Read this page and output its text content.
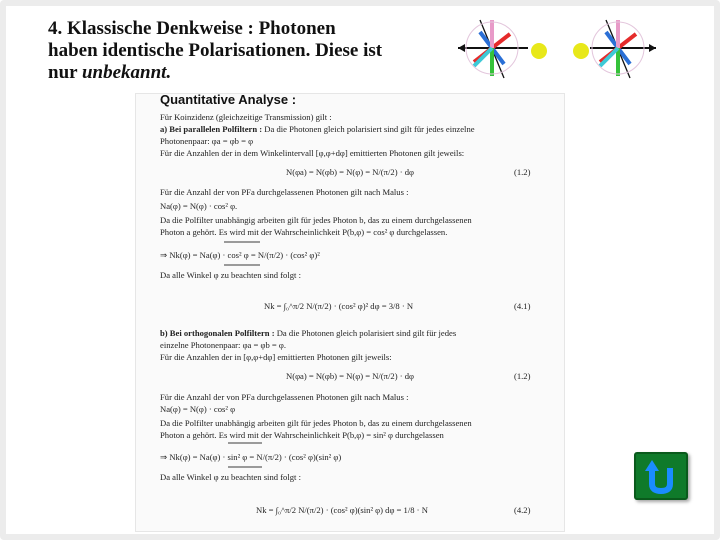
4. Klassische Denkweise : Photonen
haben identische Polarisationen. Diese ist
nur unbekannt.
Quantitative Analyse :
Für Koinzidenz (gleichzeitige Transmission) gilt :
a) Bei parallelen Polfiltern : Da die Photonen gleich polarisiert sind gilt für jedes einzelne
Photonenpaar: φa = φb = φ
Für die Anzahlen der in dem Winkelintervall [φ,φ+dφ] emittierten Photonen gilt jeweils:
N(φa) = N(φb) = N(φ) = N/(π/2) · dφ	(1.2)
Für die Anzahl der von PFa durchgelassenen Photonen gilt nach Malus :
Na(φ) = N(φ) · cos² φ.
Da die Polfilter unabhängig arbeiten gilt für jedes Photon b, das zu einem durchgelassenen
Photon a gehört. Es wird mit der Wahrscheinlichkeit P(b,φ) = cos² φ durchgelassen.
⇒ Nk(φ) = Na(φ) · cos² φ = N/(π/2) · (cos² φ)²
Da alle Winkel φ zu beachten sind folgt :
Nk = ∫₀^π/2 N/(π/2) · (cos² φ)² dφ = 3/8 · N	(4.1)
b) Bei orthogonalen Polfiltern : Da die Photonen gleich polarisiert sind gilt für jedes
einzelne Photonenpaar: φa = φb = φ.
Für die Anzahlen der in [φ,φ+dφ] emittierten Photonen gilt jeweils:
N(φa) = N(φb) = N(φ) = N/(π/2) · dφ	(1.2)
Für die Anzahl der von PFa durchgelassenen Photonen gilt nach Malus :
Na(φ) = N(φ) · cos² φ
Da die Polfilter unabhängig arbeiten gilt für jedes Photon b, das zu einem durchgelassenen
Photon a gehört. Es wird mit der Wahrscheinlichkeit P(b,φ) = sin² φ durchgelassen
⇒ Nk(φ) = Na(φ) · sin² φ = N/(π/2) · (cos² φ)(sin² φ)
Da alle Winkel φ zu beachten sind folgt :
Nk = ∫₀^π/2 N/(π/2) · (cos² φ)(sin² φ) dφ = 1/8 · N	(4.2)
